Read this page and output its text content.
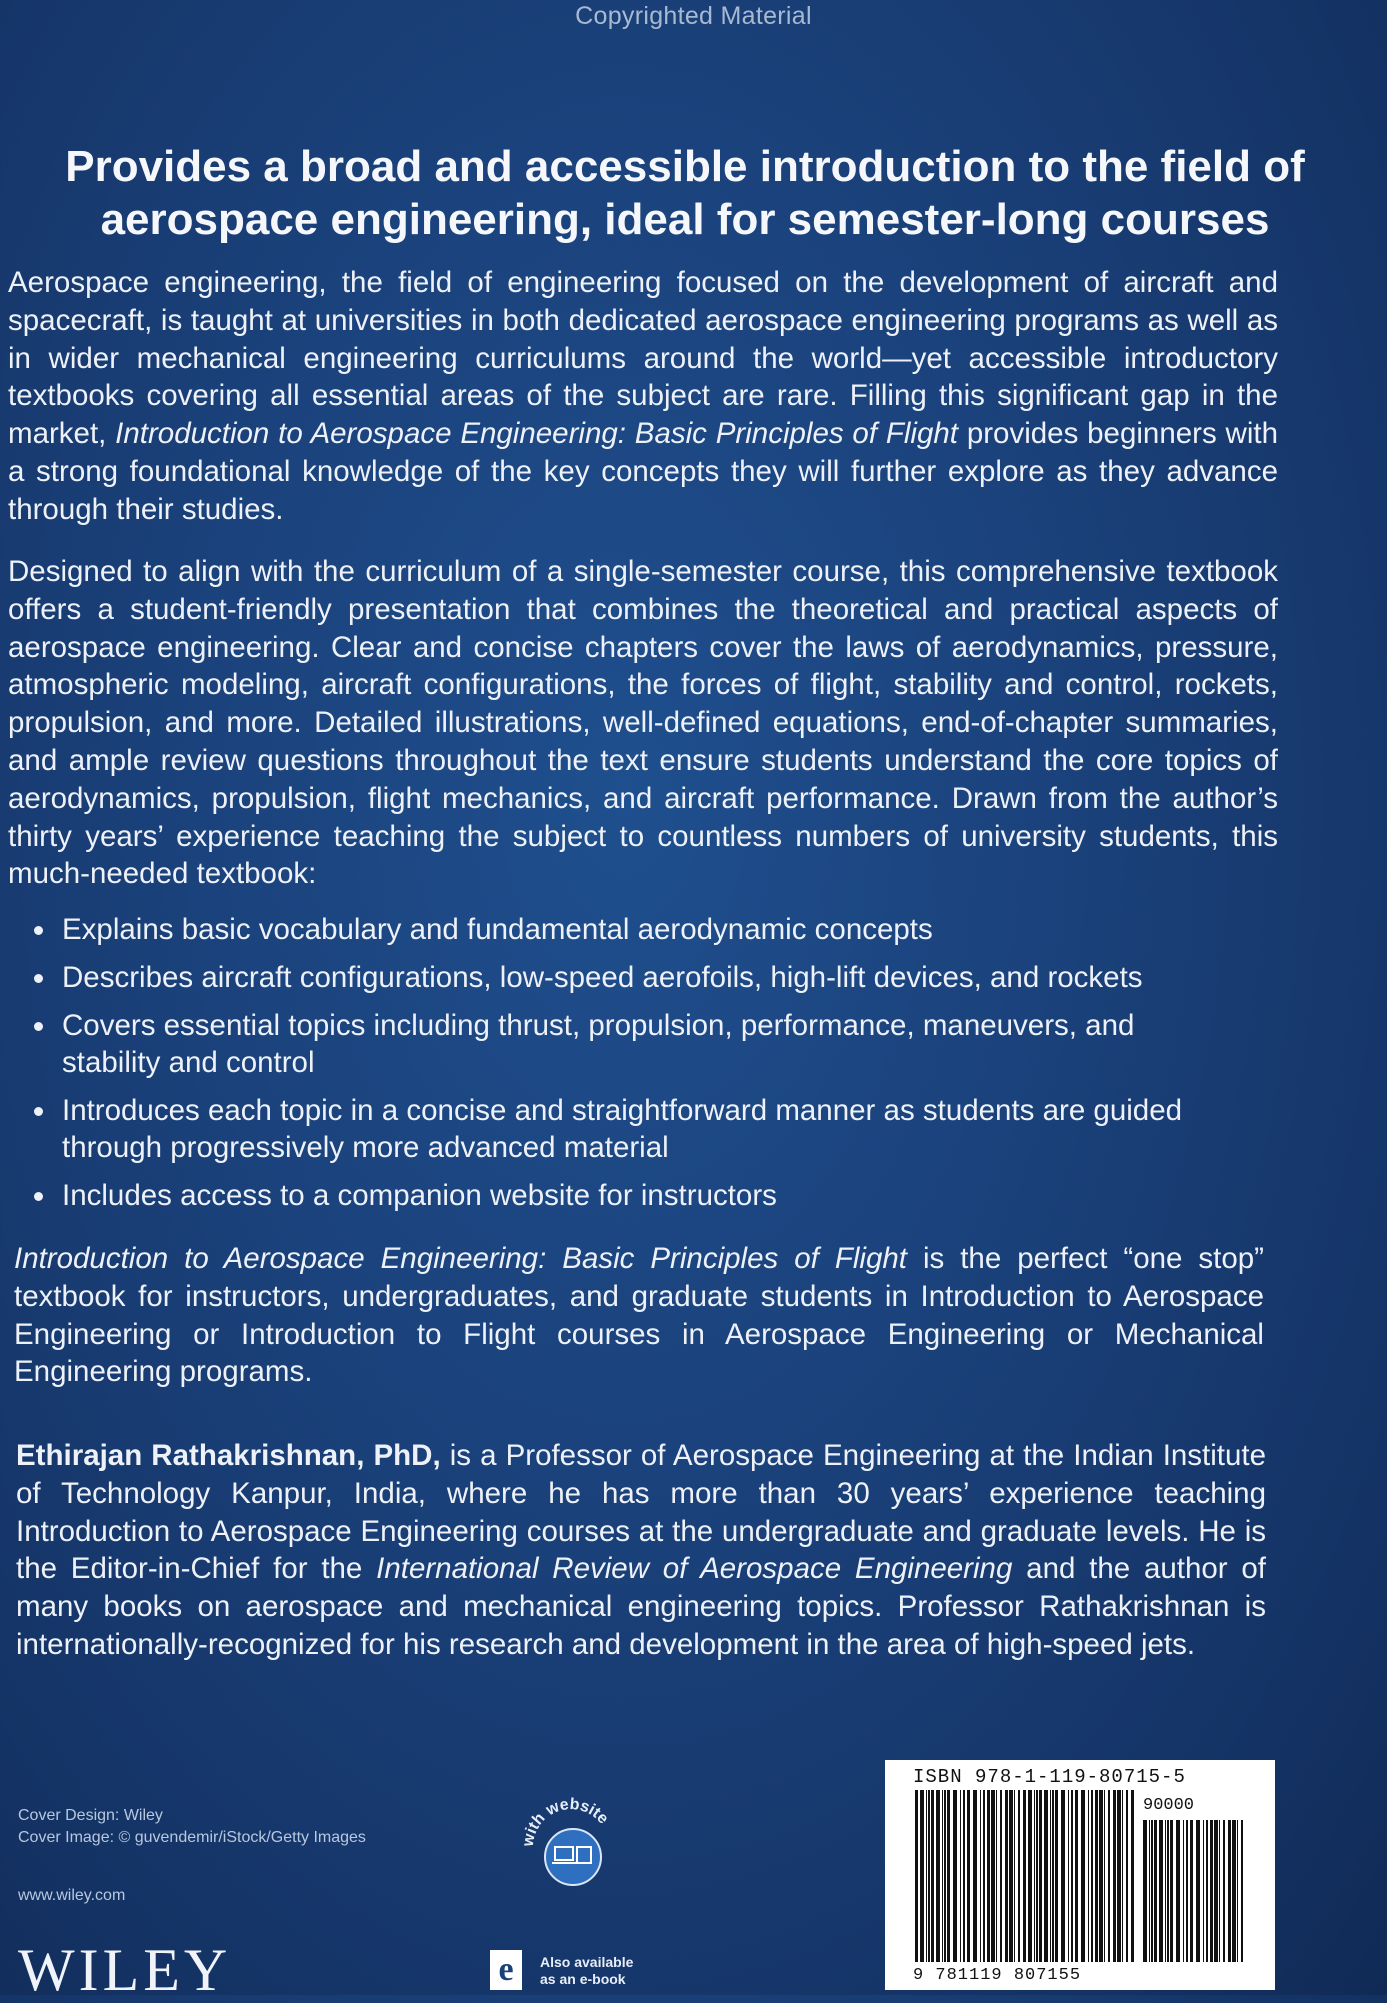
Copyrighted Material
Provides a broad and accessible introduction to the field of
aerospace engineering, ideal for semester-long courses

Aerospace engineering, the field of engineering focused on the development of aircraft and spacecraft, is taught at universities in both dedicated aerospace engineering programs as well as in wider mechanical engineering curriculums around the world—yet accessible introductory textbooks covering all essential areas of the subject are rare. Filling this significant gap in the market, Introduction to Aerospace Engineering: Basic Principles of Flight provides beginners with a strong foundational knowledge of the key concepts they will further explore as they advance through their studies.

Designed to align with the curriculum of a single-semester course, this comprehensive textbook offers a student-friendly presentation that combines the theoretical and practical aspects of aerospace engineering. Clear and concise chapters cover the laws of aerodynamics, pressure, atmospheric modeling, aircraft configurations, the forces of flight, stability and control, rockets, propulsion, and more. Detailed illustrations, well-defined equations, end-of-chapter summaries, and ample review questions throughout the text ensure students understand the core topics of aerodynamics, propulsion, flight mechanics, and aircraft performance. Drawn from the author’s thirty years’ experience teaching the subject to countless numbers of university students, this much-needed textbook:

Explains basic vocabulary and fundamental aerodynamic concepts
Describes aircraft configurations, low-speed aerofoils, high-lift devices, and rockets
Covers essential topics including thrust, propulsion, performance, maneuvers, and stability and control
Introduces each topic in a concise and straightforward manner as students are guided through progressively more advanced material
Includes access to a companion website for instructors

Introduction to Aerospace Engineering: Basic Principles of Flight is the perfect “one stop” textbook for instructors, undergraduates, and graduate students in Introduction to Aerospace Engineering or Introduction to Flight courses in Aerospace Engineering or Mechanical Engineering programs.

Ethirajan Rathakrishnan, PhD, is a Professor of Aerospace Engineering at the Indian Institute of Technology Kanpur, India, where he has more than 30 years’ experience teaching Introduction to Aerospace Engineering courses at the undergraduate and graduate levels. He is the Editor-in-Chief for the International Review of Aerospace Engineering and the author of many books on aerospace and mechanical engineering topics. Professor Rathakrishnan is internationally-recognized for his research and development in the area of high-speed jets.

Cover Design: Wiley
Cover Image: © guvendemir/iStock/Getty Images
www.wiley.com
WILEY
with website
e	Also available
as an e-book
ISBN 978-1-119-80715-5
90000
9 781119 807155
